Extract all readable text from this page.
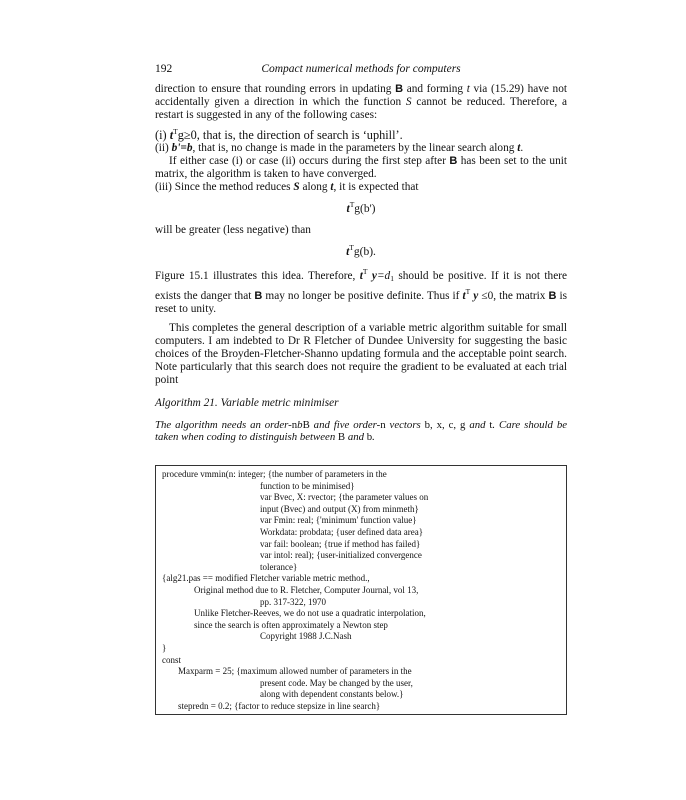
192	Compact numerical methods for computers

direction to ensure that rounding errors in updating B and forming t via (15.29) have not accidentally given a direction in which the function S cannot be reduced. Therefore, a restart is suggested in any of the following cases:

(i) $t^Tg\ge 0$, that is, the direction of search is ‘uphill’.

(ii) b'=b, that is, no change is made in the parameters by the linear search along t.

If either case (i) or case (ii) occurs during the first step after B has been set to the unit matrix, the algorithm is taken to have converged.

(iii) Since the method reduces S along t, it is expected that

$t^Tg(b')$

will be greater (less negative) than

$t^Tg(b)$.

Figure 15.1 illustrates this idea. Therefore, $t^T$ $y=d_1$ should be positive. If it is not there exists the danger that B may no longer be positive definite. Thus if $t^T$ y ≤0, the matrix B is reset to unity.

This completes the general description of a variable metric algorithm suitable for small computers. I am indebted to Dr R Fletcher of Dundee University for suggesting the basic choices of the Broyden-Fletcher-Shanno updating formula and the acceptable point search. Note particularly that this search does not require the gradient to be evaluated at each trial point

Algorithm 21. Variable metric minimiser

The algorithm needs an order-nbB and five order-n vectors b, x, c, g and t. Care should be taken when coding to distinguish between B and b.

procedure vmmin(n: integer; {the number of parameters in the
function to be minimised}
var Bvec, X: rvector; {the parameter values on
input (Bvec) and output (X) from minmeth}
var Fmin: real; {'minimum' function value}
Workdata: probdata; {user defined data area}
var fail: boolean; {true if method has failed}
var intol: real); {user-initialized convergence
tolerance}
{alg21.pas == modified Fletcher variable metric method.,
Original method due to R. Fletcher, Computer Journal, vol 13,
pp. 317-322, 1970
Unlike Fletcher-Reeves, we do not use a quadratic interpolation,
since the search is often approximately a Newton step
Copyright 1988 J.C.Nash
}
const
Maxparm = 25; {maximum allowed number of parameters in the
present code. May be changed by the user,
along with dependent constants below.}
stepredn = 0.2; {factor to reduce stepsize in line search}
